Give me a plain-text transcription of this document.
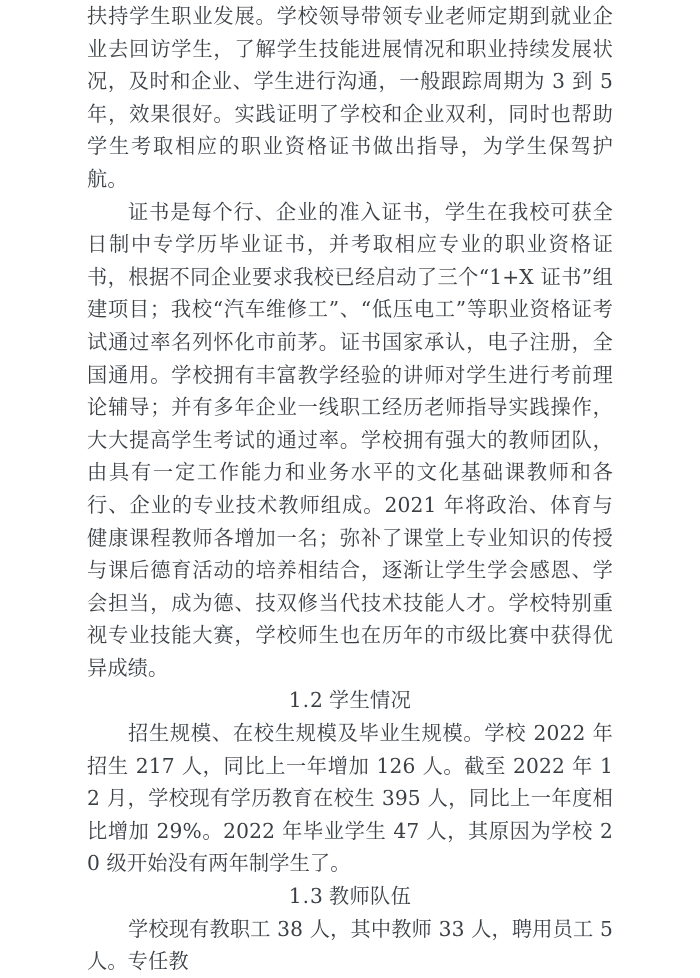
扶持学生职业发展。学校领导带领专业老师定期到就业企业去回访学生，了解学生技能进展情况和职业持续发展状况，及时和企业、学生进行沟通，一般跟踪周期为 3 到 5 年，效果很好。实践证明了学校和企业双利，同时也帮助学生考取相应的职业资格证书做出指导，为学生保驾护航。

证书是每个行、企业的准入证书，学生在我校可获全日制中专学历毕业证书，并考取相应专业的职业资格证书，根据不同企业要求我校已经启动了三个“1+X 证书”组建项目；我校“汽车维修工”、“低压电工”等职业资格证考试通过率名列怀化市前茅。证书国家承认，电子注册，全国通用。学校拥有丰富教学经验的讲师对学生进行考前理论辅导；并有多年企业一线职工经历老师指导实践操作，大大提高学生考试的通过率。学校拥有强大的教师团队，由具有一定工作能力和业务水平的文化基础课教师和各行、企业的专业技术教师组成。2021 年将政治、体育与健康课程教师各增加一名；弥补了课堂上专业知识的传授与课后德育活动的培养相结合，逐渐让学生学会感恩、学会担当，成为德、技双修当代技术技能人才。学校特别重视专业技能大赛，学校师生也在历年的市级比赛中获得优异成绩。

1.2 学生情况

招生规模、在校生规模及毕业生规模。学校 2022 年招生 217 人，同比上一年增加 126 人。截至 2022 年 12 月，学校现有学历教育在校生 395 人，同比上一年度相比增加 29%。2022 年毕业学生 47 人，其原因为学校 20 级开始没有两年制学生了。

1.3 教师队伍

学校现有教职工 38 人，其中教师 33 人，聘用员工 5 人。专任教
